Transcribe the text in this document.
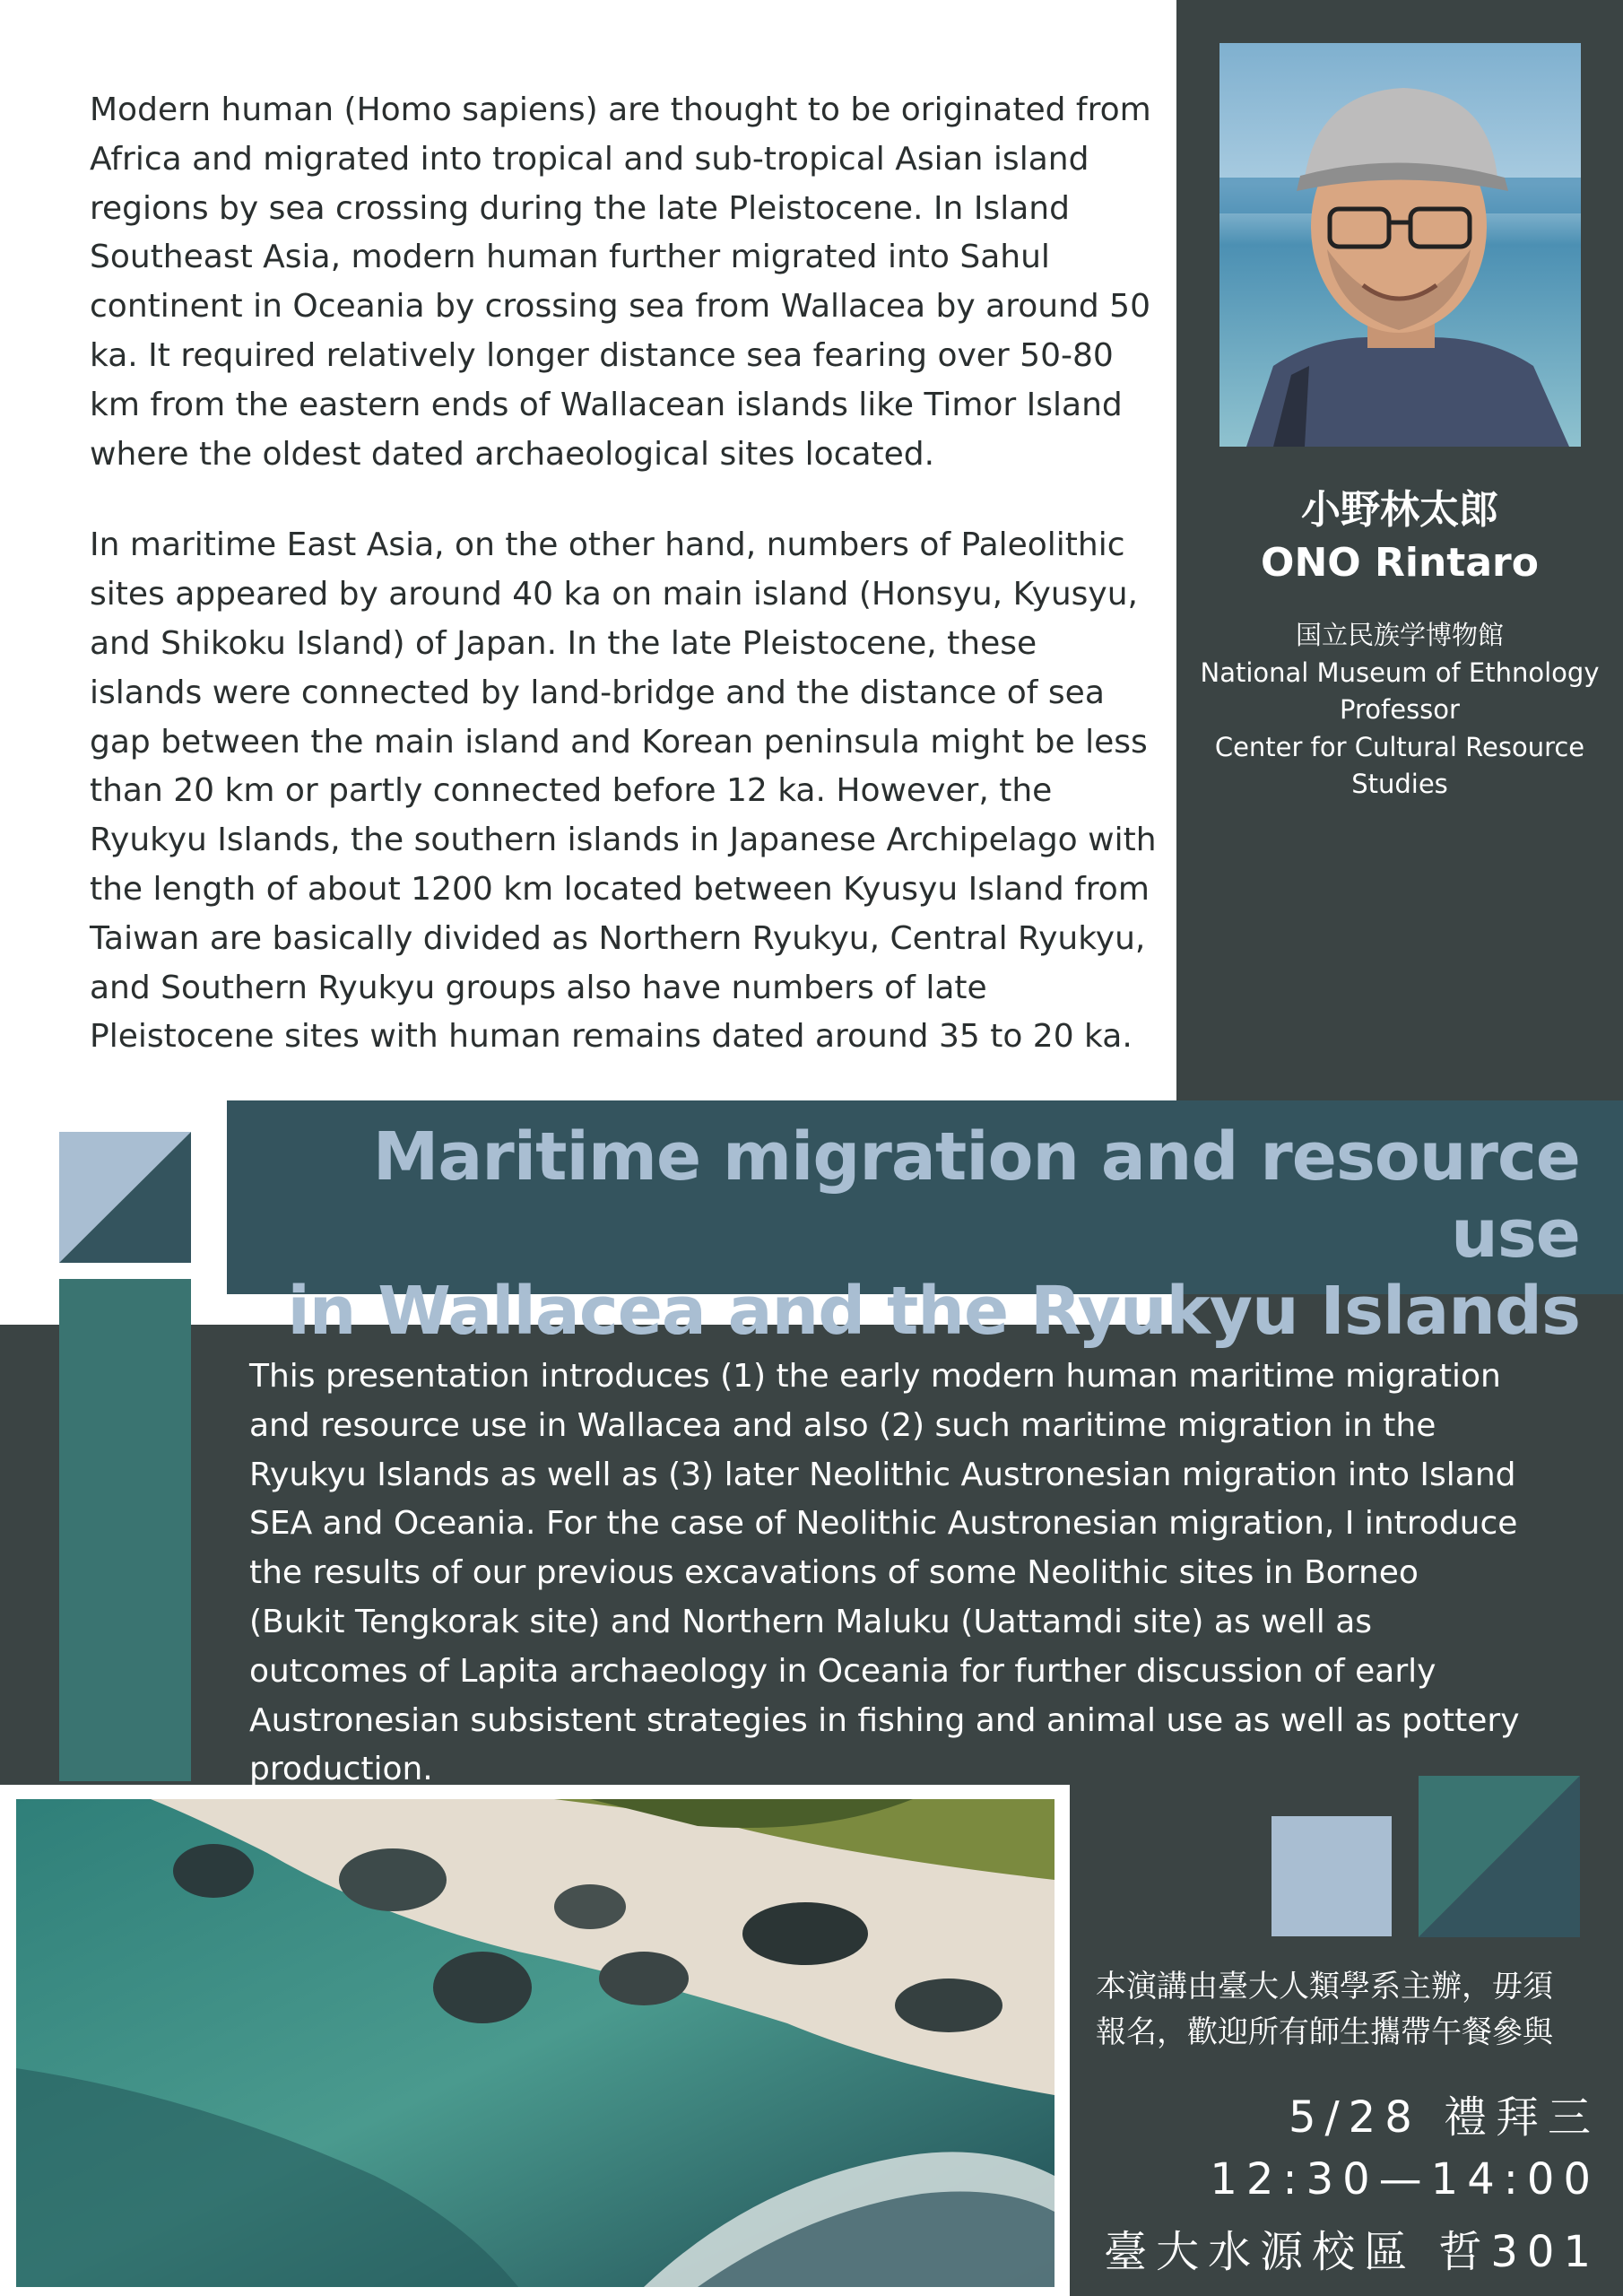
Modern human (Homo sapiens) are thought to be originated from Africa and migrated into tropical and sub-tropical Asian island regions by sea crossing during the late Pleistocene. In Island Southeast Asia, modern human further migrated into Sahul continent in Oceania by crossing sea from Wallacea by around 50 ka. It required relatively longer distance sea fearing over 50-80 km from the eastern ends of Wallacean islands like Timor Island where the oldest dated archaeological sites located.

In maritime East Asia, on the other hand, numbers of Paleolithic sites appeared by around 40 ka on main island (Honsyu, Kyusyu, and Shikoku Island) of Japan. In the late Pleistocene, these islands were connected by land-bridge and the distance of sea gap between the main island and Korean peninsula might be less than 20 km or partly connected before 12 ka. However, the Ryukyu Islands, the southern islands in Japanese Archipelago with the length of about 1200 km located between Kyusyu Island from Taiwan are basically divided as Northern Ryukyu, Central Ryukyu, and Southern Ryukyu groups also have numbers of late Pleistocene sites with human remains dated around 35 to 20 ka.

小野林太郎
ONO Rintaro
国立民族学博物館
National Museum of Ethnology
Professor
Center for Cultural Resource
Studies
Maritime migration and resource use
in Wallacea and the Ryukyu Islands
This presentation introduces (1) the early modern human maritime migration and resource use in Wallacea and also (2) such maritime migration in the Ryukyu Islands as well as (3) later Neolithic Austronesian migration into Island SEA and Oceania. For the case of Neolithic Austronesian migration, I introduce the results of our previous excavations of some Neolithic sites in Borneo (Bukit Tengkorak site) and Northern Maluku (Uattamdi site) as well as outcomes of Lapita archaeology in Oceania for further discussion of early Austronesian subsistent strategies in fishing and animal use as well as pottery production.
本演講由臺大人類學系主辦，毋須
報名，歡迎所有師生攜帶午餐參與
5/28 禮拜三
12:30—14:00
臺大水源校區 哲301
